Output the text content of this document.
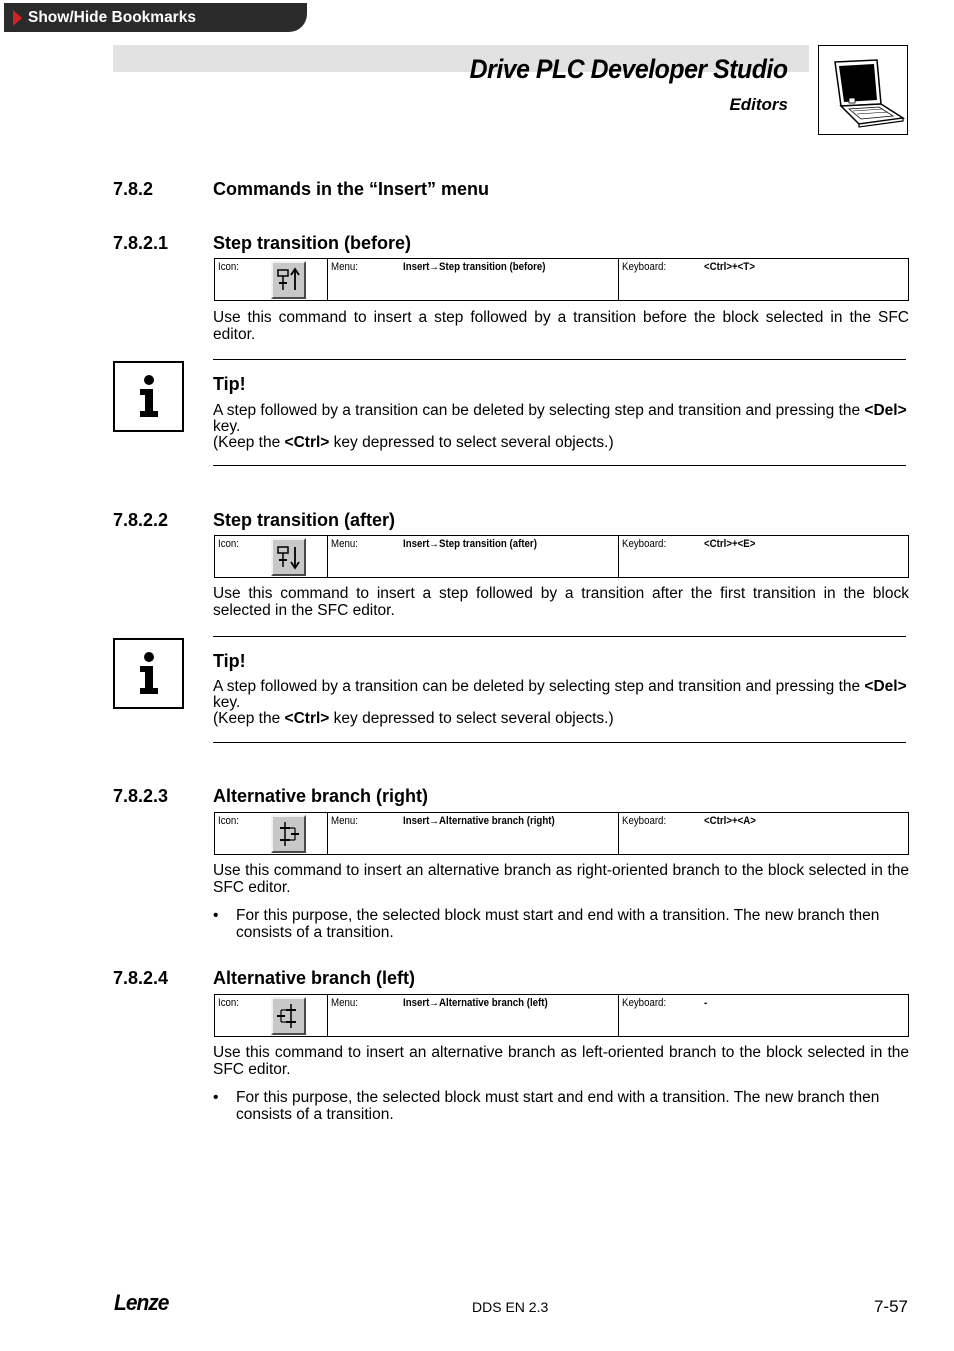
Show/Hide Bookmarks
Drive PLC Developer Studio
Editors
7.8.2	Commands in the “Insert” menu
7.8.2.1 Step transition (before)
Icon:	Menu:	Insert→Step transition (before)	Keyboard:	<Ctrl>+<T>
Use this command to insert a step followed by a transition before the block selected in the SFC editor.
Tip!
A step followed by a transition can be deleted by selecting step and transition and pressing the <Del> key.
(Keep the <Ctrl> key depressed to select several objects.)
7.8.2.2 Step transition (after)
Icon:	Menu:	Insert→Step transition (after)	Keyboard:	<Ctrl>+<E>
Use this command to insert a step followed by a transition after the first transition in the block selected in the SFC editor.
Tip!
A step followed by a transition can be deleted by selecting step and transition and pressing the <Del> key.
(Keep the <Ctrl> key depressed to select several objects.)
7.8.2.3 Alternative branch (right)
Icon:	Menu:	Insert→Alternative branch (right)	Keyboard:	<Ctrl>+<A>
Use this command to insert an alternative branch as right-oriented branch to the block selected in the SFC editor.
• For this purpose, the selected block must start and end with a transition. The new branch then consists of a transition.
7.8.2.4 Alternative branch (left)
Icon:	Menu:	Insert→Alternative branch (left)	Keyboard:	-
Use this command to insert an alternative branch as left-oriented branch to the block selected in the SFC editor.
• For this purpose, the selected block must start and end with a transition. The new branch then consists of a transition.
Lenze	DDS EN 2.3	7-57
